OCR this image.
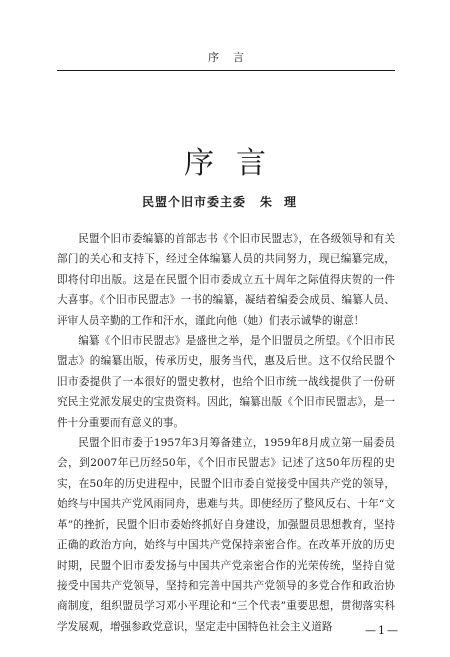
序言
序言
民盟个旧市委主委 朱理

民盟个旧市委编纂的首部志书《个旧市民盟志》，在各级领导和有关部门的关心和支持下，经过全体编纂人员的共同努力，现已编纂完成，即将付印出版。这是在民盟个旧市委成立五十周年之际值得庆贺的一件大喜事。《个旧市民盟志》一书的编纂，凝结着编委会成员、编纂人员、评审人员辛勤的工作和汗水，谨此向他（她）们表示诚挚的谢意！

编纂《个旧市民盟志》是盛世之举，是个旧盟员之所望。《个旧市民盟志》的编纂出版，传承历史，服务当代，惠及后世。这不仅给民盟个旧市委提供了一本很好的盟史教材，也给个旧市统一战线提供了一份研究民主党派发展史的宝贵资料。因此，编纂出版《个旧市民盟志》，是一件十分重要而有意义的事。

民盟个旧市委于1957年3月筹备建立，1959年8月成立第一届委员会，到2007年已历经50年，《个旧市民盟志》记述了这50年历程的史实，在50年的历史进程中，民盟个旧市委自觉接受中国共产党的领导，始终与中国共产党风雨同舟，患难与共。即使经历了整风反右、十年“文革”的挫折，民盟个旧市委始终抓好自身建设，加强盟员思想教育，坚持正确的政治方向，始终与中国共产党保持亲密合作。在改革开放的历史时期，民盟个旧市委发扬与中国共产党亲密合作的光荣传统，坚持自觉接受中国共产党领导，坚持和完善中国共产党领导的多党合作和政治协商制度，组织盟员学习邓小平理论和“三个代表”重要思想，贯彻落实科学发展观，增强参政党意识，坚定走中国特色社会主义道路	—1—
